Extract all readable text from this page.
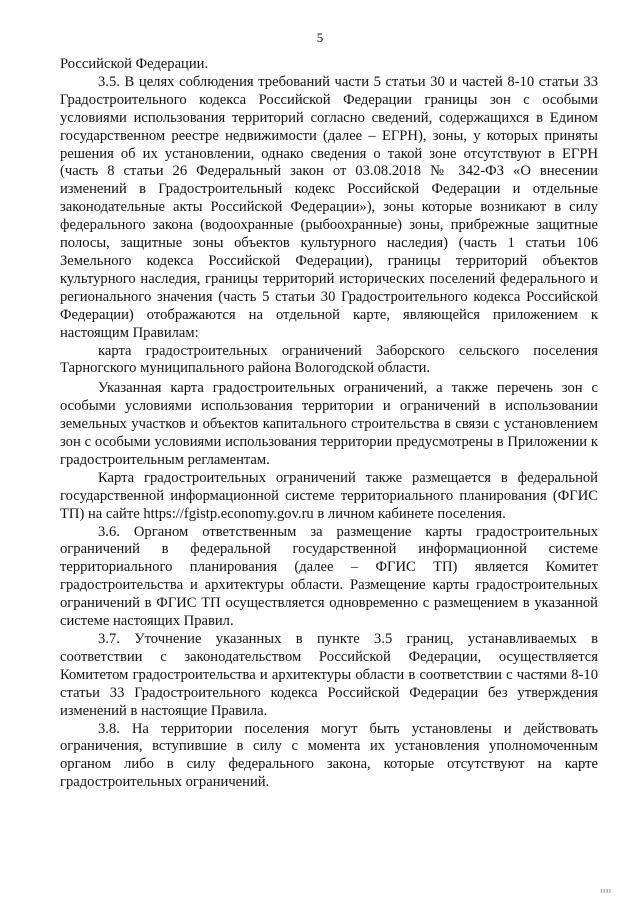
5

Российской Федерации.

3.5. В целях соблюдения требований части 5 статьи 30 и частей 8-10 статьи 33 Градостроительного кодекса Российской Федерации границы зон с особыми условиями использования территорий согласно сведений, содержащихся в Едином государственном реестре недвижимости (далее – ЕГРН), зоны, у которых приняты решения об их установлении, однако сведения о такой зоне отсутствуют в ЕГРН (часть 8 статьи 26 Федеральный закон от 03.08.2018 № 342-ФЗ «О внесении изменений в Градостроительный кодекс Российской Федерации и отдельные законодательные акты Российской Федерации»), зоны которые возникают в силу федерального закона (водоохранные (рыбоохранные) зоны, прибрежные защитные полосы, защитные зоны объектов культурного наследия) (часть 1 статьи 106 Земельного кодекса Российской Федерации), границы территорий объектов культурного наследия, границы территорий исторических поселений федерального и регионального значения (часть 5 статьи 30 Градостроительного кодекса Российской Федерации) отображаются на отдельной карте, являющейся приложением к настоящим Правилам:

карта градостроительных ограничений Заборского сельского поселения Тарногского муниципального района Вологодской области.

Указанная карта градостроительных ограничений, а также перечень зон с особыми условиями использования территории и ограничений в использовании земельных участков и объектов капитального строительства в связи с установлением зон с особыми условиями использования территории предусмотрены в Приложении к градостроительным регламентам.

Карта градостроительных ограничений также размещается в федеральной государственной информационной системе территориального планирования (ФГИС ТП) на сайте https://fgistp.economy.gov.ru в личном кабинете поселения.

3.6. Органом ответственным за размещение карты градостроительных ограничений в федеральной государственной информационной системе территориального планирования (далее – ФГИС ТП) является Комитет градостроительства и архитектуры области. Размещение карты градостроительных ограничений в ФГИС ТП осуществляется одновременно с размещением в указанной системе настоящих Правил.

3.7. Уточнение указанных в пункте 3.5 границ, устанавливаемых в соответствии с законодательством Российской Федерации, осуществляется Комитетом градостроительства и архитектуры области в соответствии с частями 8-10 статьи 33 Градостроительного кодекса Российской Федерации без утверждения изменений в настоящие Правила.

3.8. На территории поселения могут быть установлены и действовать ограничения, вступившие в силу с момента их установления уполномоченным органом либо в силу федерального закона, которые отсутствуют на карте градостроительных ограничений.

ıııı
